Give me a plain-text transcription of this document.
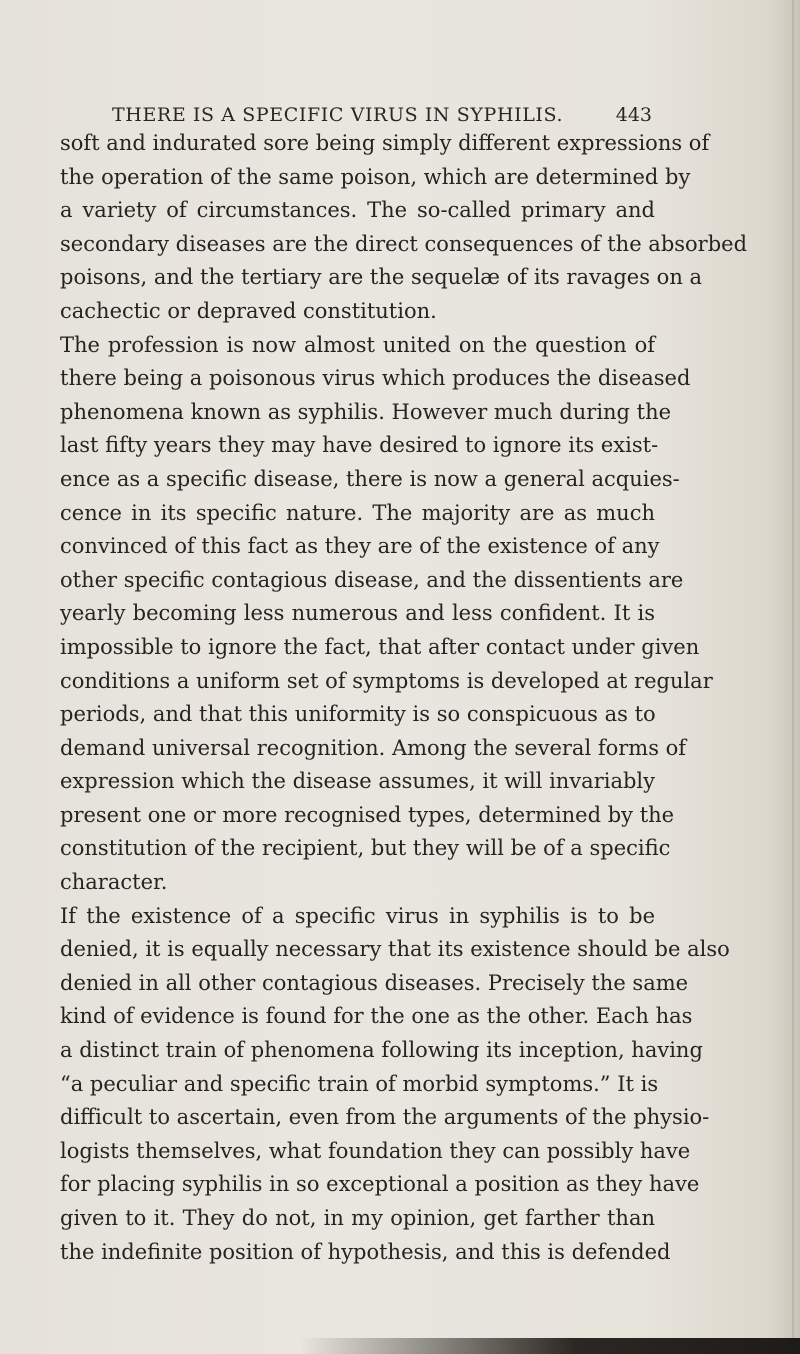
THERE IS A SPECIFIC VIRUS IN SYPHILIS.	443
soft and indurated sore being simply different expressions of
the operation of the same poison, which are determined by
a variety of circumstances. The so-called primary and
secondary diseases are the direct consequences of the absorbed
poisons, and the tertiary are the sequelæ of its ravages on a
cachectic or depraved constitution.
The profession is now almost united on the question of
there being a poisonous virus which produces the diseased
phenomena known as syphilis. However much during the
last fifty years they may have desired to ignore its exist-
ence as a specific disease, there is now a general acquies-
cence in its specific nature. The majority are as much
convinced of this fact as they are of the existence of any
other specific contagious disease, and the dissentients are
yearly becoming less numerous and less confident. It is
impossible to ignore the fact, that after contact under given
conditions a uniform set of symptoms is developed at regular
periods, and that this uniformity is so conspicuous as to
demand universal recognition. Among the several forms of
expression which the disease assumes, it will invariably
present one or more recognised types, determined by the
constitution of the recipient, but they will be of a specific
character.
If the existence of a specific virus in syphilis is to be
denied, it is equally necessary that its existence should be also
denied in all other contagious diseases. Precisely the same
kind of evidence is found for the one as the other. Each has
a distinct train of phenomena following its inception, having
“a peculiar and specific train of morbid symptoms.” It is
difficult to ascertain, even from the arguments of the physio-
logists themselves, what foundation they can possibly have
for placing syphilis in so exceptional a position as they have
given to it. They do not, in my opinion, get farther than
the indefinite position of hypothesis, and this is defended
